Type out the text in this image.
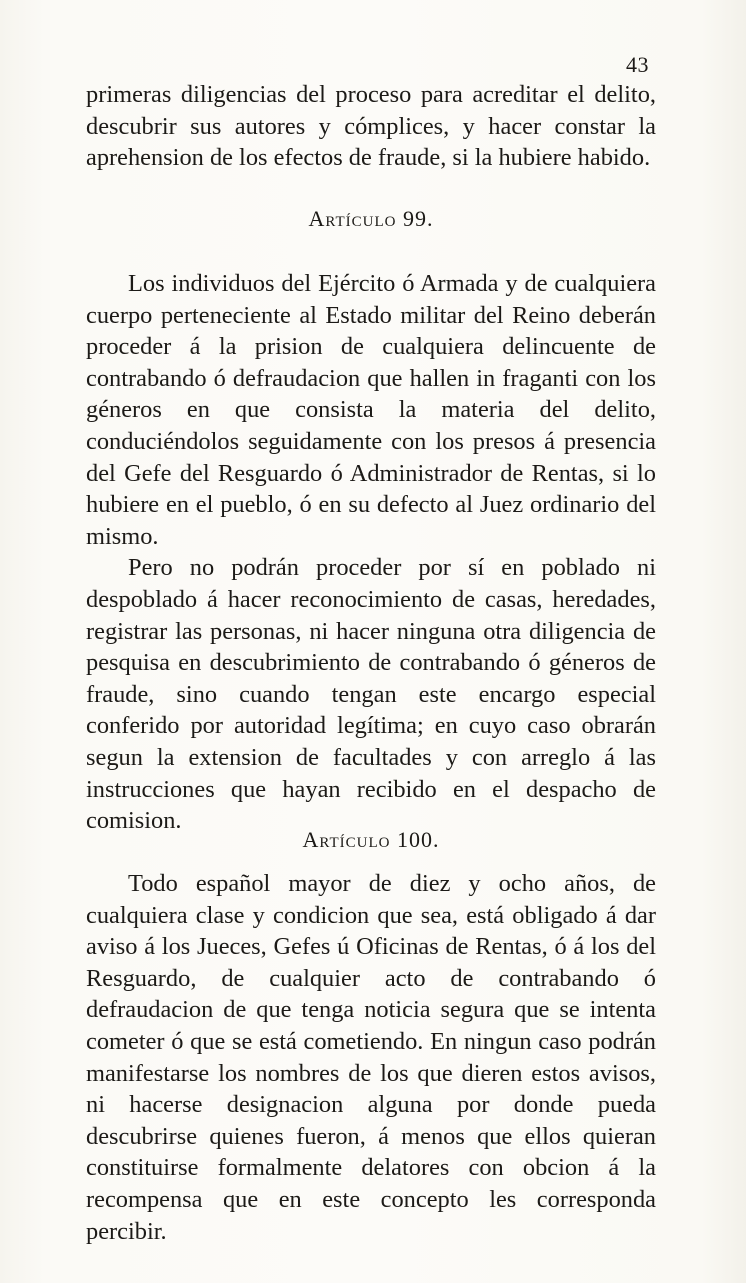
43

primeras diligencias del proceso para acreditar el delito, descubrir sus autores y cómplices, y hacer constar la aprehension de los efectos de fraude, si la hubiere habido.

Artículo 99.

Los individuos del Ejército ó Armada y de cualquiera cuerpo perteneciente al Estado militar del Reino deberán proceder á la prision de cualquiera delincuente de contrabando ó defraudacion que hallen in fraganti con los géneros en que consista la materia del delito, conduciéndolos seguidamente con los presos á presencia del Gefe del Resguardo ó Administrador de Rentas, si lo hubiere en el pueblo, ó en su defecto al Juez ordinario del mismo.

Pero no podrán proceder por sí en poblado ni despoblado á hacer reconocimiento de casas, heredades, registrar las personas, ni hacer ninguna otra diligencia de pesquisa en descubrimiento de contrabando ó géneros de fraude, sino cuando tengan este encargo especial conferido por autoridad legítima; en cuyo caso obrarán segun la extension de facultades y con arreglo á las instrucciones que hayan recibido en el despacho de comision.

Artículo 100.

Todo español mayor de diez y ocho años, de cualquiera clase y condicion que sea, está obligado á dar aviso á los Jueces, Gefes ú Oficinas de Rentas, ó á los del Resguardo, de cualquier acto de contrabando ó defraudacion de que tenga noticia segura que se intenta cometer ó que se está cometiendo. En ningun caso podrán manifestarse los nombres de los que dieren estos avisos, ni hacerse designacion alguna por donde pueda descubrirse quienes fueron, á menos que ellos quieran constituirse formalmente delatores con obcion á la recompensa que en este concepto les corresponda percibir.
